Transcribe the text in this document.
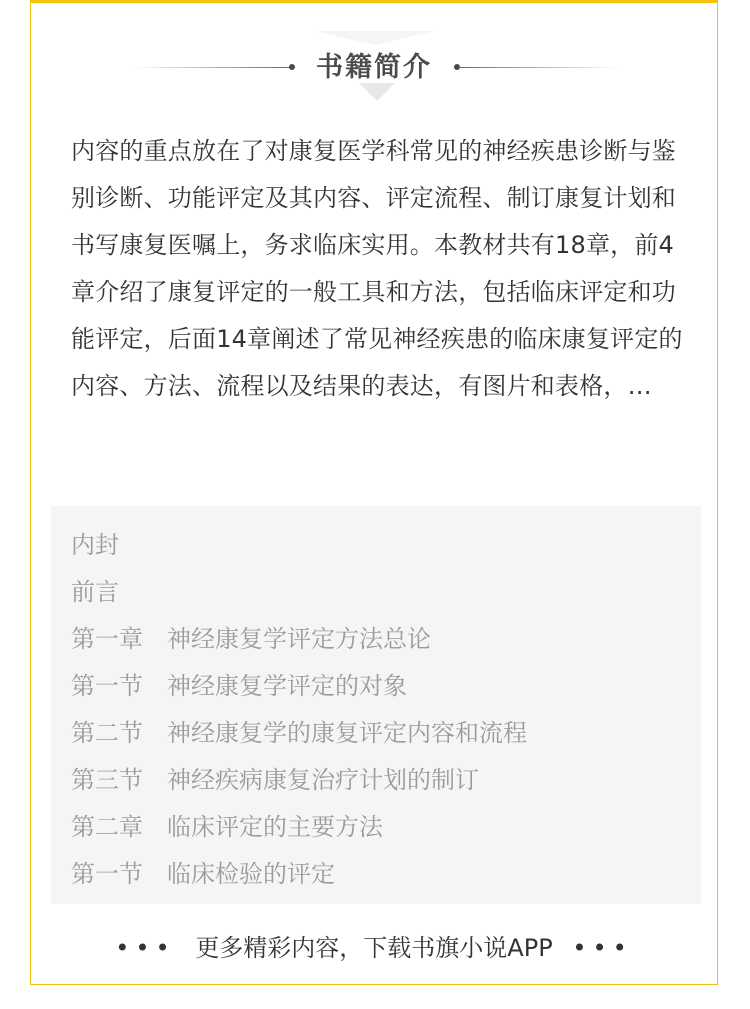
书籍简介
内容的重点放在了对康复医学科常见的神经疾患诊断与鉴别诊断、功能评定及其内容、评定流程、制订康复计划和书写康复医嘱上，务求临床实用。本教材共有18章，前4章介绍了康复评定的一般工具和方法，包括临床评定和功能评定，后面14章阐述了常见神经疾患的临床康复评定的内容、方法、流程以及结果的表达，有图片和表格，…
内封
前言
第一章　神经康复学评定方法总论
第一节　神经康复学评定的对象
第二节　神经康复学的康复评定内容和流程
第三节　神经疾病康复治疗计划的制订
第二章　临床评定的主要方法
第一节　临床检验的评定
••• 更多精彩内容，下载书旗小说APP •••
